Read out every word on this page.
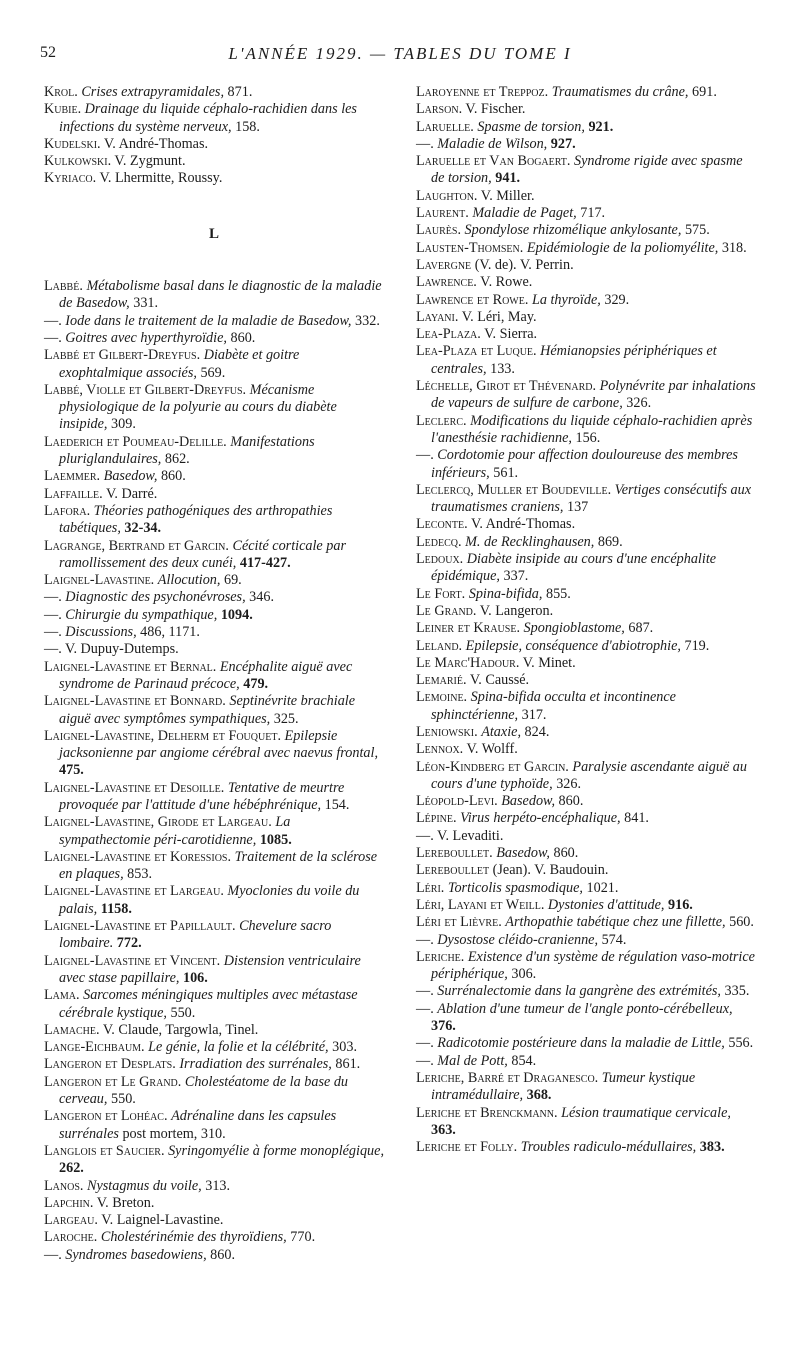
52	L'ANNÉE 1929. — TABLES DU TOME I
Krol. Crises extrapyramidales, 871.
Kubie. Drainage du liquide céphalo-rachidien dans les infections du système nerveux, 158.
Kudelski. V. André-Thomas.
Kulkowski. V. Zygmunt.
Kyriaco. V. Lhermitte, Roussy.
L
Labbé. Métabolisme basal dans le diagnostic de la maladie de Basedow, 331.
—. Iode dans le traitement de la maladie de Basedow, 332.
—. Goitres avec hyperthyroïdie, 860.
Labbé et Gilbert-Dreyfus. Diabète et goitre exophtalmique associés, 569.
Labbé, Violle et Gilbert-Dreyfus. Mécanisme physiologique de la polyurie au cours du diabète insipide, 309.
Laederich et Poumeau-Delille. Manifestations pluriglandulaires, 862.
Laemmer. Basedow, 860.
Laffaille. V. Darré.
Lafora. Théories pathogéniques des arthropathies tabétiques, 32-34.
Lagrange, Bertrand et Garcin. Cécité corticale par ramollissement des deux cunéi, 417-427.
Laignel-Lavastine. Allocution, 69.
—. Diagnostic des psychonévroses, 346.
—. Chirurgie du sympathique, 1094.
—. Discussions, 486, 1171.
—. V. Dupuy-Dutemps.
Laignel-Lavastine et Bernal. Encéphalite aiguë avec syndrome de Parinaud précoce, 479.
Laignel-Lavastine et Bonnard. Septinévrite brachiale aiguë avec symptômes sympathiques, 325.
Laignel-Lavastine, Delherm et Fouquet. Epilepsie jacksonienne par angiome cérébral avec naevus frontal, 475.
Laignel-Lavastine et Desoille. Tentative de meurtre provoquée par l'attitude d'une hébéphrénique, 154.
Laignel-Lavastine, Girode et Largeau. La sympathectomie péri-carotidienne, 1085.
Laignel-Lavastine et Koressios. Traitement de la sclérose en plaques, 853.
Laignel-Lavastine et Largeau. Myoclonies du voile du palais, 1158.
Laignel-Lavastine et Papillault. Chevelure sacro lombaire. 772.
Laignel-Lavastine et Vincent. Distension ventriculaire avec stase papillaire, 106.
Lama. Sarcomes méningiques multiples avec métastase cérébrale kystique, 550.
Lamache. V. Claude, Targowla, Tinel.
Lange-Eichbaum. Le génie, la folie et la célébrité, 303.
Langeron et Desplats. Irradiation des surrénales, 861.
Langeron et Le Grand. Cholestéatome de la base du cerveau, 550.
Langeron et Lohéac. Adrénaline dans les capsules surrénales post mortem, 310.
Langlois et Saucier. Syringomyélie à forme monoplégique, 262.
Lanos. Nystagmus du voile, 313.
Lapchin. V. Breton.
Largeau. V. Laignel-Lavastine.
Laroche. Cholestérinémie des thyroïdiens, 770.
—. Syndromes basedowiens, 860.
Laroyenne et Treppoz. Traumatismes du crâne, 691.
Larson. V. Fischer.
Laruelle. Spasme de torsion, 921.
—. Maladie de Wilson, 927.
Laruelle et Van Bogaert. Syndrome rigide avec spasme de torsion, 941.
Laughton. V. Miller.
Laurent. Maladie de Paget, 717.
Laurès. Spondylose rhizomélique ankylosante, 575.
Lausten-Thomsen. Epidémiologie de la poliomyélite, 318.
Lavergne (V. de). V. Perrin.
Lawrence. V. Rowe.
Lawrence et Rowe. La thyroïde, 329.
Layani. V. Léri, May.
Lea-Plaza. V. Sierra.
Lea-Plaza et Luque. Hémianopsies périphériques et centrales, 133.
Léchelle, Girot et Thévenard. Polynévrite par inhalations de vapeurs de sulfure de carbone, 326.
Leclerc. Modifications du liquide céphalo-rachidien après l'anesthésie rachidienne, 156.
—. Cordotomie pour affection douloureuse des membres inférieurs, 561.
Leclercq, Muller et Boudeville. Vertiges consécutifs aux traumatismes craniens, 137
Leconte. V. André-Thomas.
Ledecq. M. de Recklinghausen, 869.
Ledoux. Diabète insipide au cours d'une encéphalite épidémique, 337.
Le Fort. Spina-bifida, 855.
Le Grand. V. Langeron.
Leiner et Krause. Spongioblastome, 687.
Leland. Epilepsie, conséquence d'abiotrophie, 719.
Le Marc'Hadour. V. Minet.
Lemarié. V. Caussé.
Lemoine. Spina-bifida occulta et incontinence sphinctérienne, 317.
Leniowski. Ataxie, 824.
Lennox. V. Wolff.
Léon-Kindberg et Garcin. Paralysie ascendante aiguë au cours d'une typhoïde, 326.
Léopold-Levi. Basedow, 860.
Lépine. Virus herpéto-encéphalique, 841.
—. V. Levaditi.
Lereboullet. Basedow, 860.
Lereboullet (Jean). V. Baudouin.
Léri. Torticolis spasmodique, 1021.
Léri, Layani et Weill. Dystonies d'attitude, 916.
Léri et Lièvre. Arthopathie tabétique chez une fillette, 560.
—. Dysostose cléido-cranienne, 574.
Leriche. Existence d'un système de régulation vaso-motrice périphérique, 306.
—. Surrénalectomie dans la gangrène des extrémités, 335.
—. Ablation d'une tumeur de l'angle ponto-cérébelleux, 376.
—. Radicotomie postérieure dans la maladie de Little, 556.
—. Mal de Pott, 854.
Leriche, Barré et Draganesco. Tumeur kystique intramédullaire, 368.
Leriche et Brenckmann. Lésion traumatique cervicale, 363.
Leriche et Folly. Troubles radiculo-médullaires, 383.
